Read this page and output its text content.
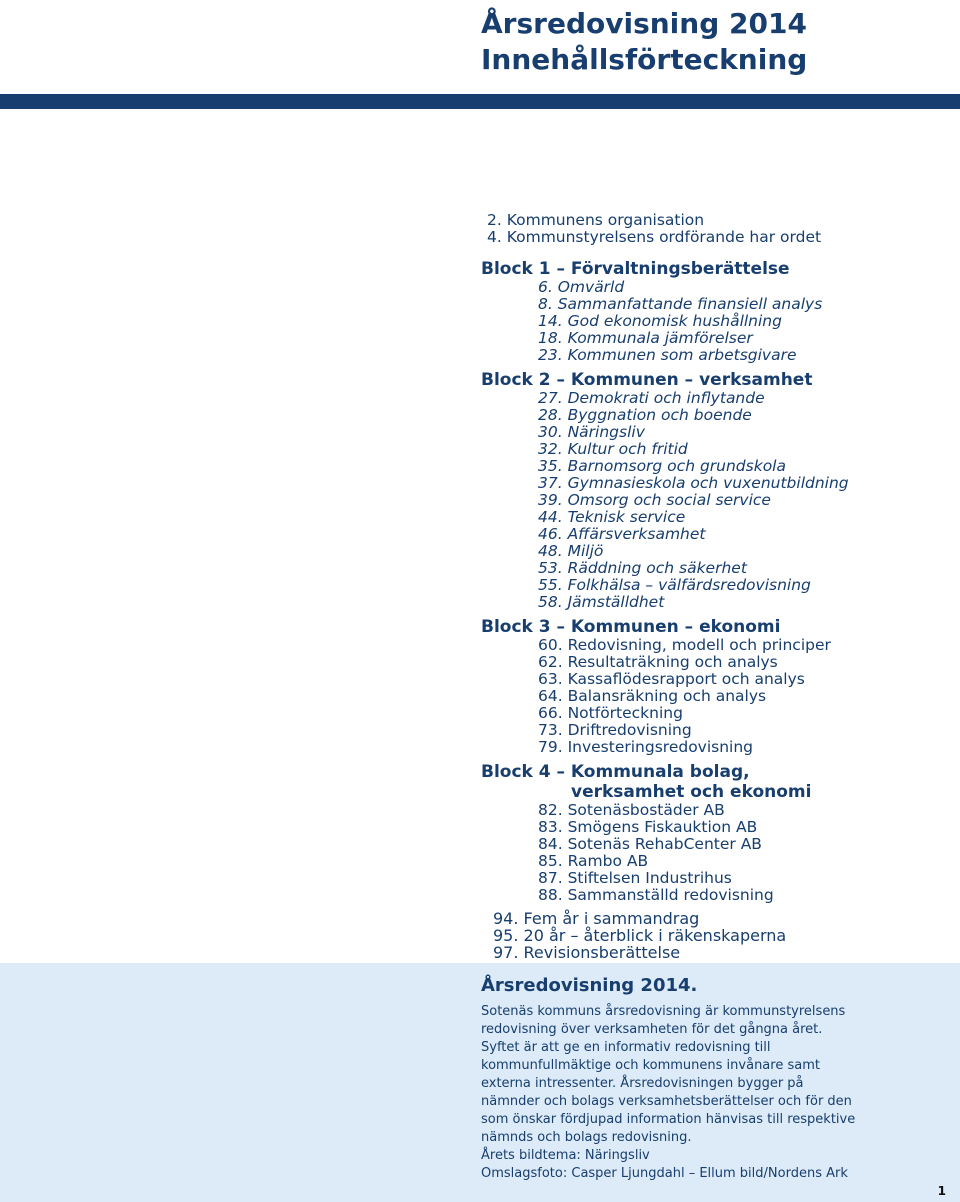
Årsredovisning 2014
Innehållsförteckning
2. Kommunens organisation
4. Kommunstyrelsens ordförande har ordet
Block 1 – Förvaltningsberättelse
6. Omvärld
8. Sammanfattande finansiell analys
14. God ekonomisk hushållning
18. Kommunala jämförelser
23. Kommunen som arbetsgivare
Block 2 – Kommunen – verksamhet
27. Demokrati och inflytande
28. Byggnation och boende
30. Näringsliv
32. Kultur och fritid
35. Barnomsorg och grundskola
37. Gymnasieskola och vuxenutbildning
39. Omsorg och social service
44. Teknisk service
46. Affärsverksamhet
48. Miljö
53. Räddning och säkerhet
55. Folkhälsa – välfärdsredovisning
58. Jämställdhet
Block 3 – Kommunen – ekonomi
60. Redovisning, modell och principer
62. Resultaträkning och analys
63. Kassaflödesrapport och analys
64. Balansräkning och analys
66. Notförteckning
73. Driftredovisning
79. Investeringsredovisning
Block 4 – Kommunala bolag,
verksamhet och ekonomi
82. Sotenäsbostäder AB
83. Smögens Fiskauktion AB
84. Sotenäs RehabCenter AB
85. Rambo AB
87. Stiftelsen Industrihus
88. Sammanställd redovisning
94. Fem år i sammandrag
95. 20 år – återblick i räkenskaperna
97. Revisionsberättelse
Årsredovisning 2014.

Sotenäs kommuns årsredovisning är kommunstyrelsens redovisning över verksamheten för det gångna året. Syftet är att ge en informativ redovisning till kommunfullmäktige och kommunens invånare samt externa intressenter. Årsredovisningen bygger på nämnder och bolags verksamhetsberättelser och för den som önskar fördjupad information hänvisas till respektive nämnds och bolags redovisning.

Årets bildtema: Näringsliv

Omslagsfoto: Casper Ljungdahl – Ellum bild/Nordens Ark

1
